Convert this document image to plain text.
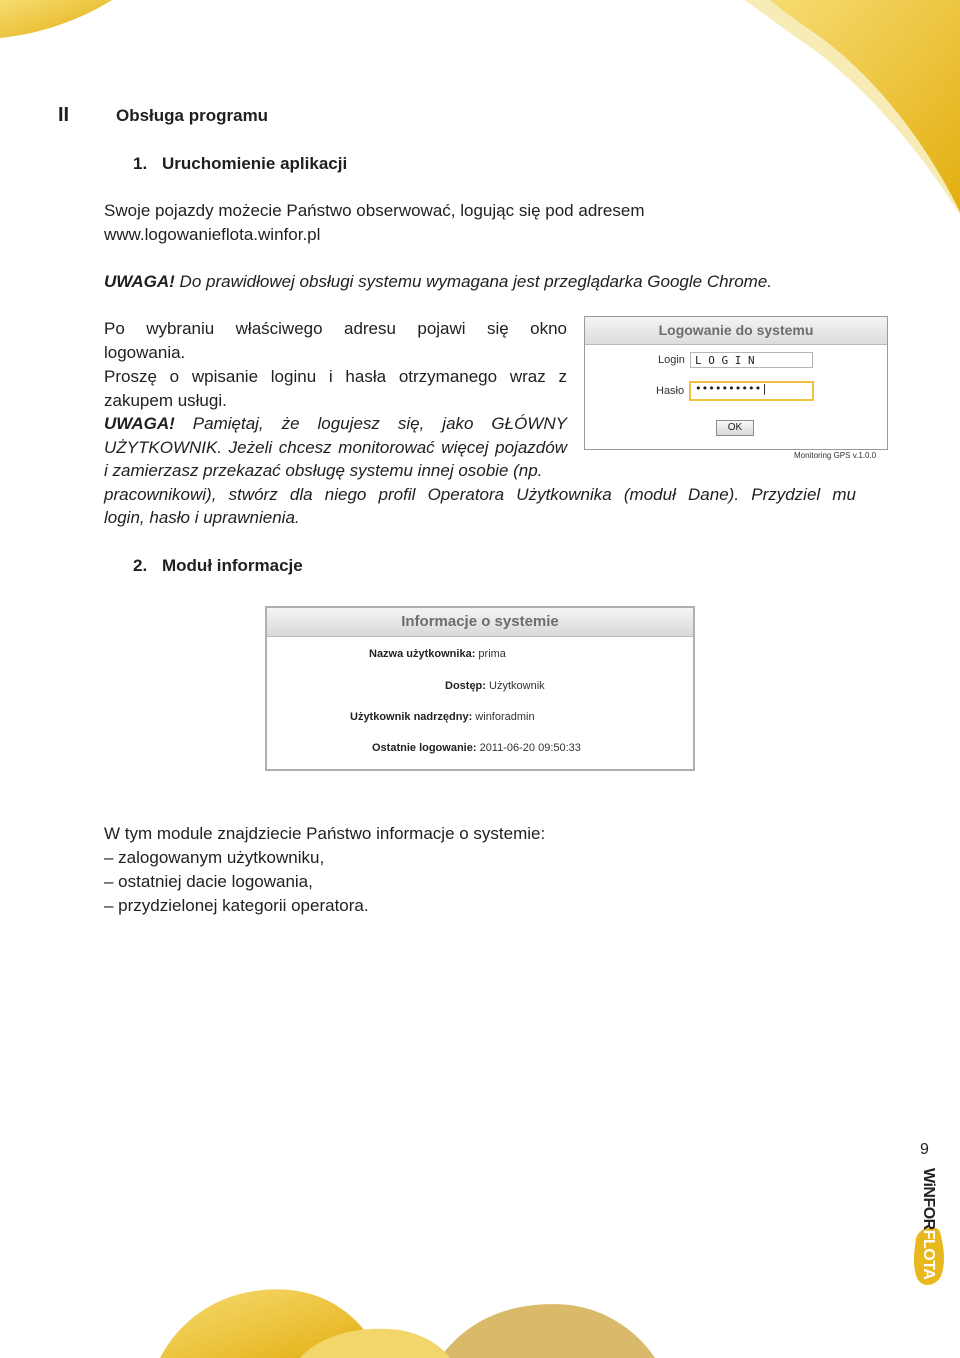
II	Obsługa programu
1. Uruchomienie aplikacji
Swoje pojazdy możecie Państwo obserwować, logując się pod adresem
www.logowanieflota.winfor.pl
UWAGA! Do prawidłowej obsługi systemu wymagana jest przeglądarka Google Chrome.
Po wybraniu właściwego adresu pojawi się okno
logowania.
Proszę o wpisanie loginu i hasła otrzymanego wraz z
zakupem usługi.
UWAGA! Pamiętaj, że logujesz się, jako GŁÓWNY
UŻYTKOWNIK. Jeżeli chcesz monitorować więcej pojazdów
i zamierzasz przekazać obsługę systemu innej osobie (np.
pracownikowi), stwórz dla niego profil Operatora Użytkownika (moduł Dane). Przydziel mu
login, hasło i uprawnienia.
Logowanie do systemu
Login L O G I N
Hasło ••••••••••|
OK
Monitoring GPS v.1.0.0
2. Moduł informacje
Informacje o systemie
Nazwa użytkownika: prima
Dostęp: Użytkownik
Użytkownik nadrzędny: winforadmin
Ostatnie logowanie: 2011-06-20 09:50:33
W tym module znajdziecie Państwo informacje o systemie:
– zalogowanym użytkowniku,
– ostatniej dacie logowania,
– przydzielonej kategorii operatora.
9
WiNFORFLOTA
